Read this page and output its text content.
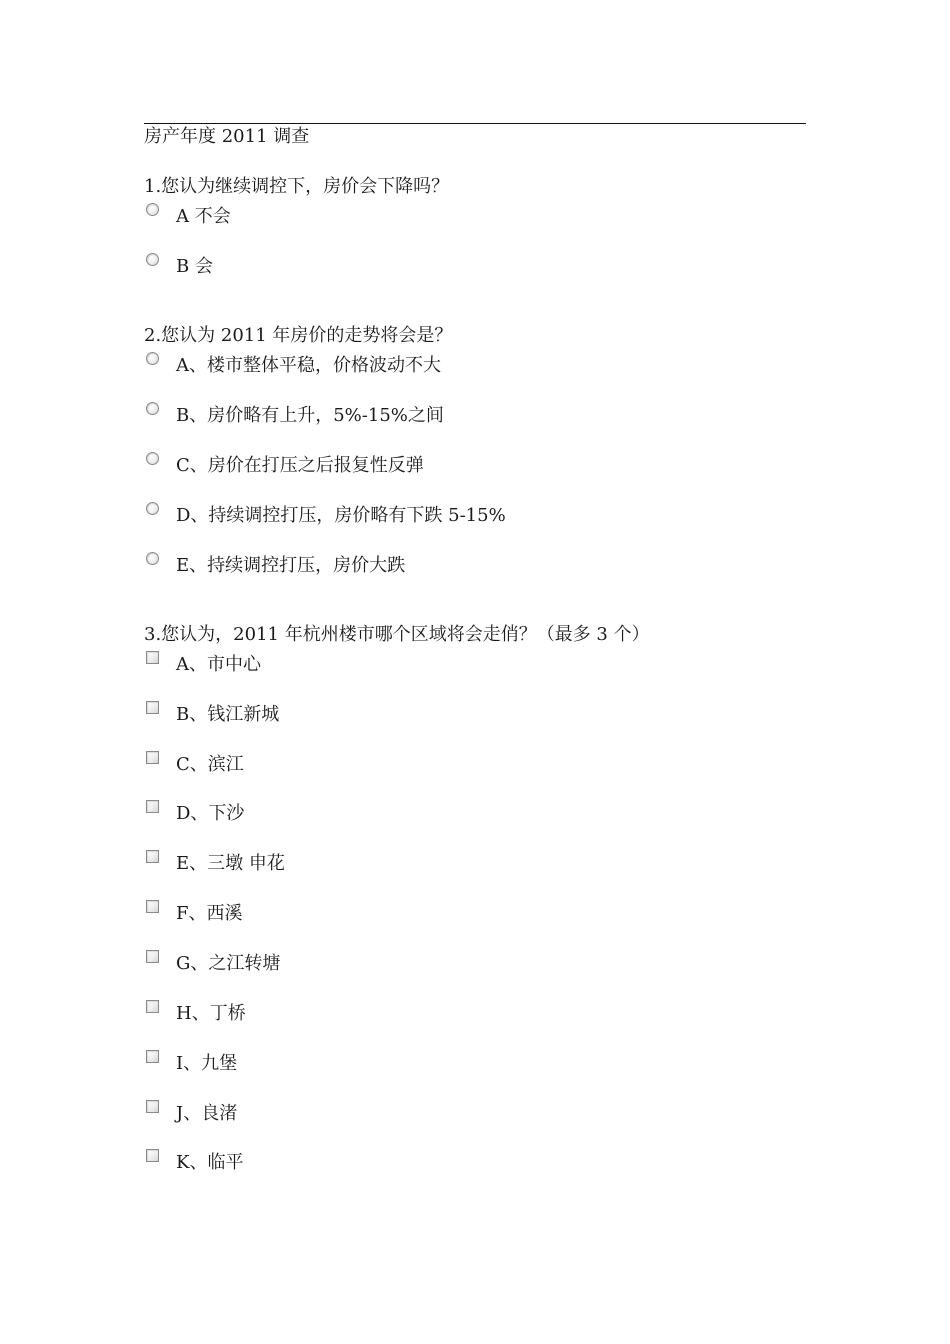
房产年度 2011 调查
1.您认为继续调控下，房价会下降吗？
A 不会
B 会
2.您认为 2011 年房价的走势将会是？
A、楼市整体平稳，价格波动不大
B、房价略有上升，5%-15%之间
C、房价在打压之后报复性反弹
D、持续调控打压，房价略有下跌 5-15%
E、持续调控打压，房价大跌
3.您认为，2011 年杭州楼市哪个区域将会走俏？（最多 3 个）
A、市中心
B、钱江新城
C、滨江
D、下沙
E、三墩 申花
F、西溪
G、之江转塘
H、丁桥
I、九堡
J、良渚
K、临平
